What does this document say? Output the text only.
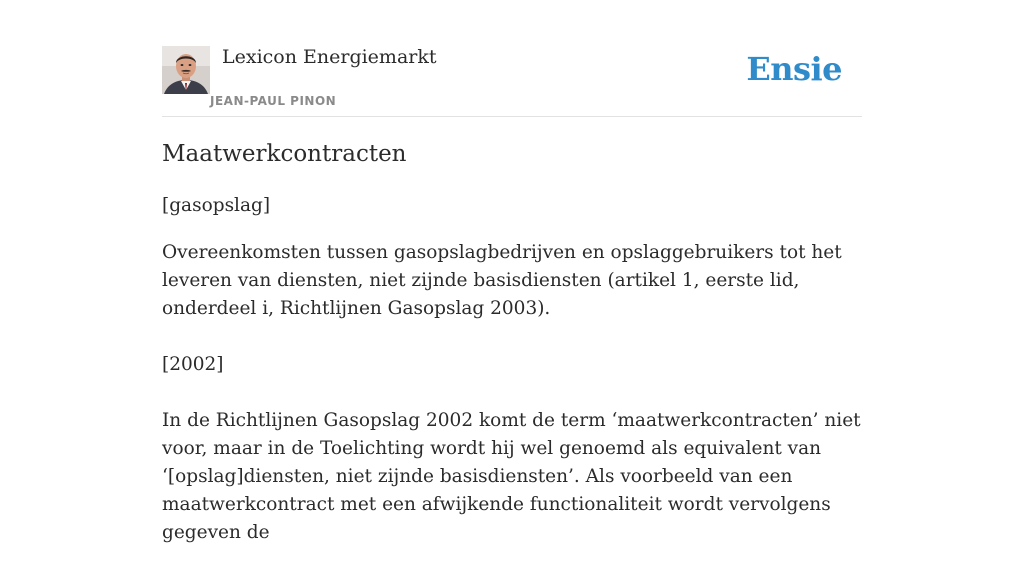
Lexicon Energiemarkt
JEAN-PAUL PINON
Ensie
Maatwerkcontracten

[gasopslag]

Overeenkomsten tussen gasopslagbedrijven en opslaggebruikers tot het leveren van diensten, niet zijnde basisdiensten (artikel 1, eerste lid, onderdeel i, Richtlijnen Gasopslag 2003).

[2002]

In de Richtlijnen Gasopslag 2002 komt de term ‘maatwerkcontracten’ niet voor, maar in de Toelichting wordt hij wel genoemd als equivalent van ‘[opslag]diensten, niet zijnde basisdiensten’. Als voorbeeld van een maatwerkcontract met een afwijkende functionaliteit wordt vervolgens gegeven de
